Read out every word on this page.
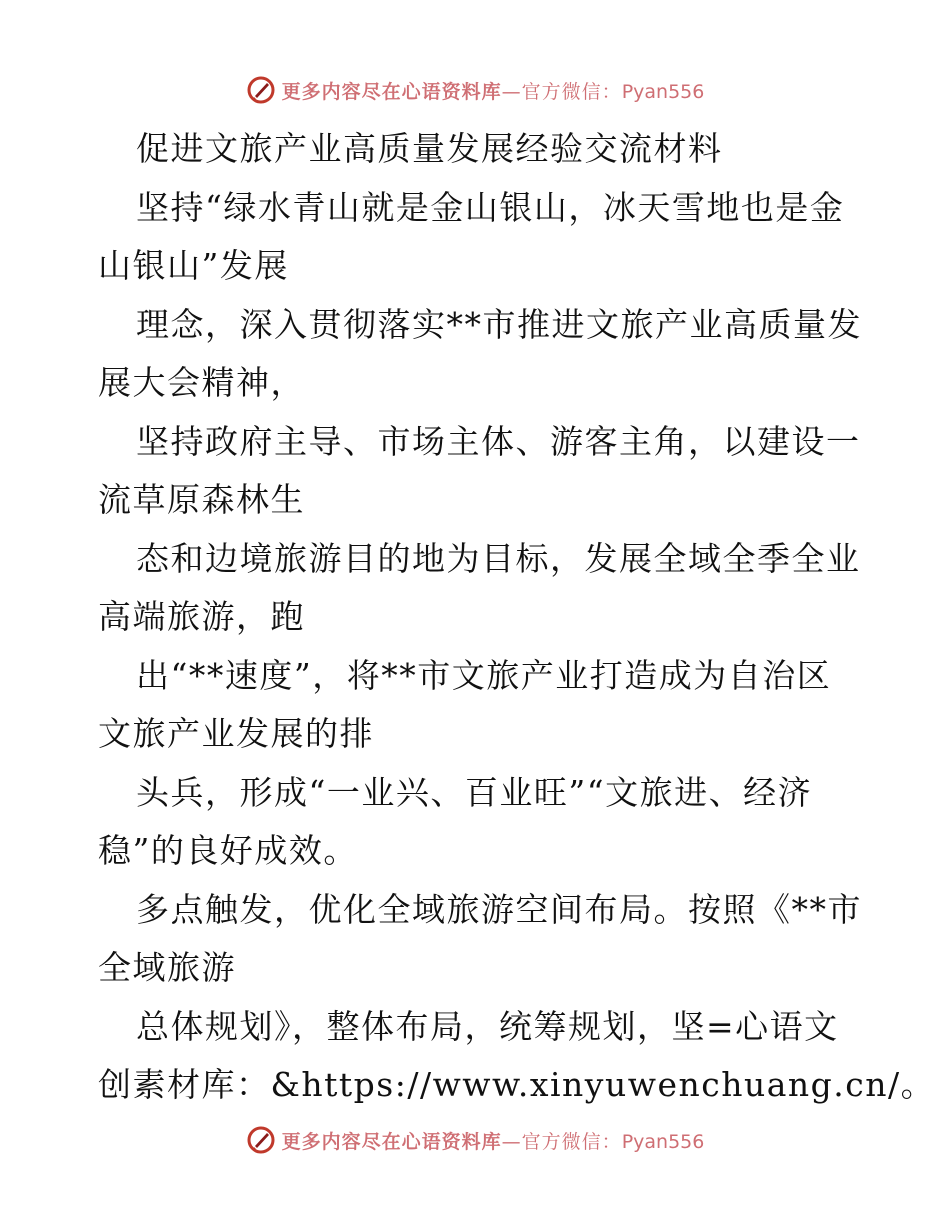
更多内容尽在心语资料库—官方微信：Pyan556
促进文旅产业高质量发展经验交流材料
坚持“绿水青山就是金山银山，冰天雪地也是金
山银山”发展
理念，深入贯彻落实**市推进文旅产业高质量发
展大会精神，
坚持政府主导、市场主体、游客主角，以建设一
流草原森林生
态和边境旅游目的地为目标，发展全域全季全业
高端旅游，跑
出“**速度”，将**市文旅产业打造成为自治区
文旅产业发展的排
头兵，形成“一业兴、百业旺”“文旅进、经济
稳”的良好成效。
多点触发，优化全域旅游空间布局。按照《**市
全域旅游
总体规划》，整体布局，统筹规划，坚=心语文
创素材库：&https://www.xinyuwenchuang.cn/。
更多内容尽在心语资料库—官方微信：Pyan556
